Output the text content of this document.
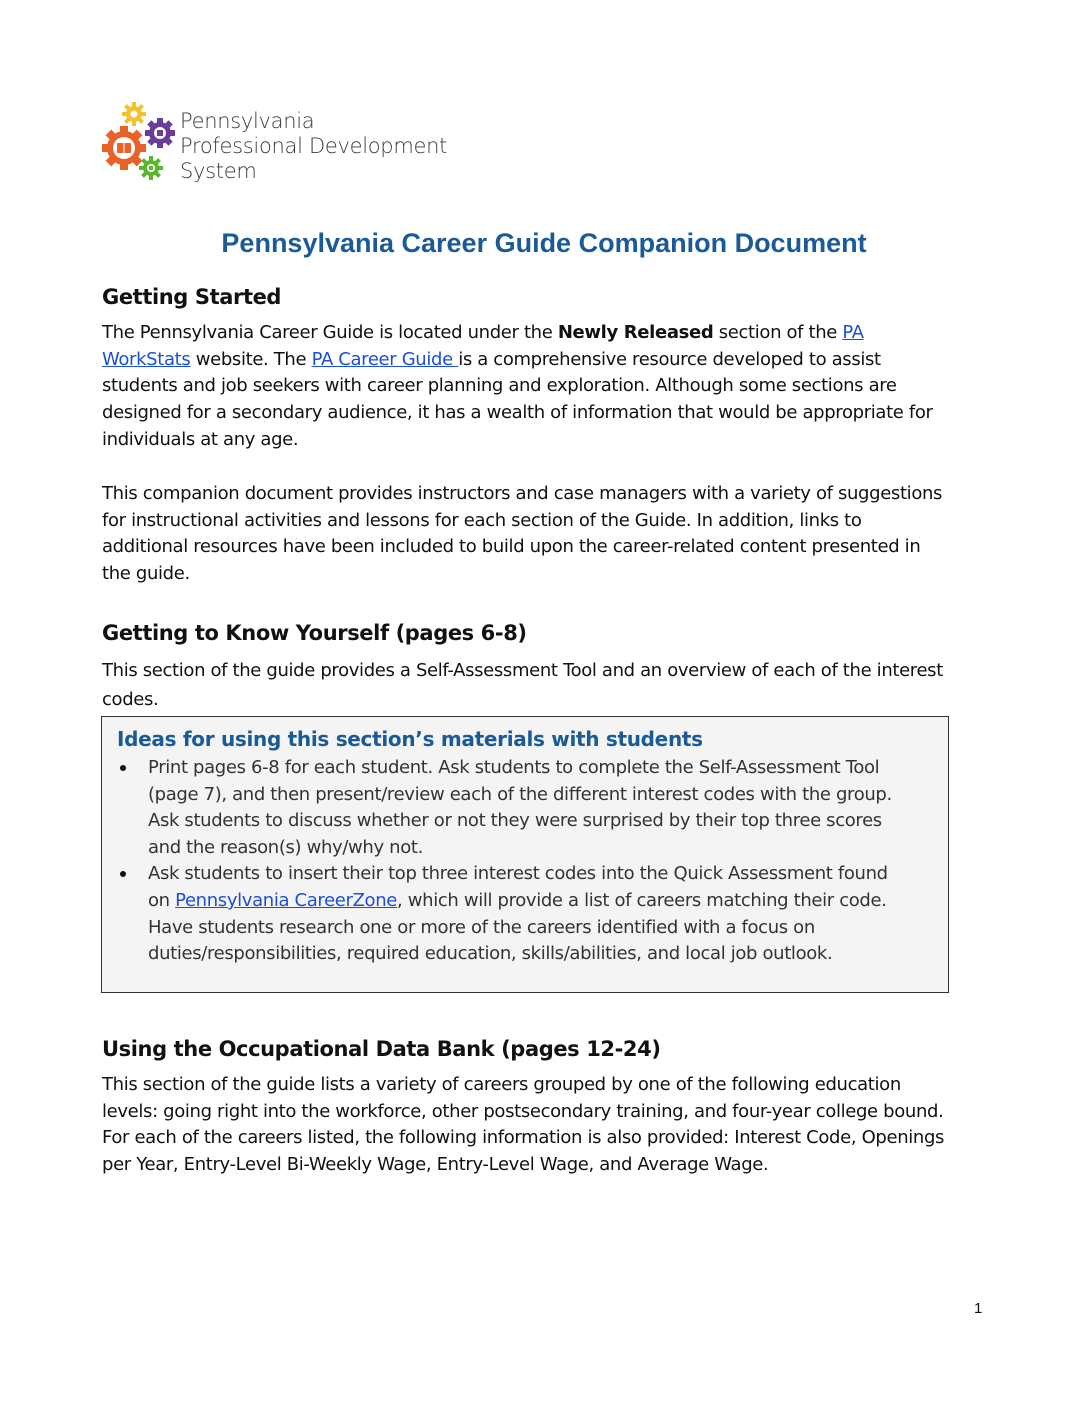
Pennsylvania
Professional Development
System
Pennsylvania Career Guide Companion Document
Getting Started

The Pennsylvania Career Guide is located under the Newly Released section of the PA
WorkStats website. The PA Career Guide is a comprehensive resource developed to assist
students and job seekers with career planning and exploration. Although some sections are
designed for a secondary audience, it has a wealth of information that would be appropriate for
individuals at any age.

This companion document provides instructors and case managers with a variety of suggestions
for instructional activities and lessons for each section of the Guide. In addition, links to
additional resources have been included to build upon the career-related content presented in
the guide.

Getting to Know Yourself (pages 6-8)

This section of the guide provides a Self-Assessment Tool and an overview of each of the interest
codes.

Ideas for using this section’s materials with students
Print pages 6-8 for each student. Ask students to complete the Self-Assessment Tool
(page 7), and then present/review each of the different interest codes with the group.
Ask students to discuss whether or not they were surprised by their top three scores
and the reason(s) why/why not.
Ask students to insert their top three interest codes into the Quick Assessment found
on Pennsylvania CareerZone, which will provide a list of careers matching their code.
Have students research one or more of the careers identified with a focus on
duties/responsibilities, required education, skills/abilities, and local job outlook.
Using the Occupational Data Bank (pages 12-24)

This section of the guide lists a variety of careers grouped by one of the following education
levels: going right into the workforce, other postsecondary training, and four-year college bound.
For each of the careers listed, the following information is also provided: Interest Code, Openings
per Year, Entry-Level Bi-Weekly Wage, Entry-Level Wage, and Average Wage.

1
